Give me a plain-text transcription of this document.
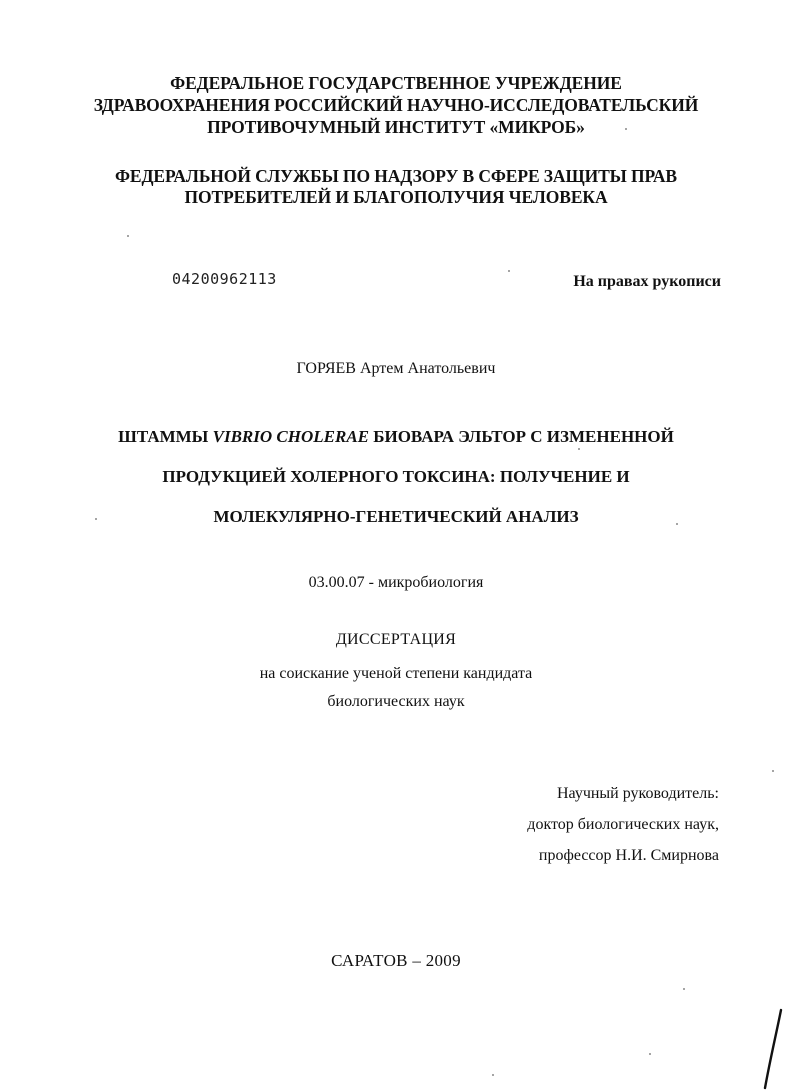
ФЕДЕРАЛЬНОЕ ГОСУДАРСТВЕННОЕ УЧРЕЖДЕНИЕ
ЗДРАВООХРАНЕНИЯ РОССИЙСКИЙ НАУЧНО-ИССЛЕДОВАТЕЛЬСКИЙ
ПРОТИВОЧУМНЫЙ ИНСТИТУТ «МИКРОБ»
ФЕДЕРАЛЬНОЙ СЛУЖБЫ ПО НАДЗОРУ В СФЕРЕ ЗАЩИТЫ ПРАВ
ПОТРЕБИТЕЛЕЙ И БЛАГОПОЛУЧИЯ ЧЕЛОВЕКА
04200962113	На правах рукописи
ГОРЯЕВ Артем Анатольевич
ШТАММЫ VIBRIO CHOLERAE БИОВАРА ЭЛЬТОР С ИЗМЕНЕННОЙ
ПРОДУКЦИЕЙ ХОЛЕРНОГО ТОКСИНА: ПОЛУЧЕНИЕ И
МОЛЕКУЛЯРНО-ГЕНЕТИЧЕСКИЙ АНАЛИЗ
03.00.07 - микробиология
ДИССЕРТАЦИЯ
на соискание ученой степени кандидата
биологических наук
Научный руководитель:
доктор биологических наук,
профессор Н.И. Смирнова
САРАТОВ – 2009
